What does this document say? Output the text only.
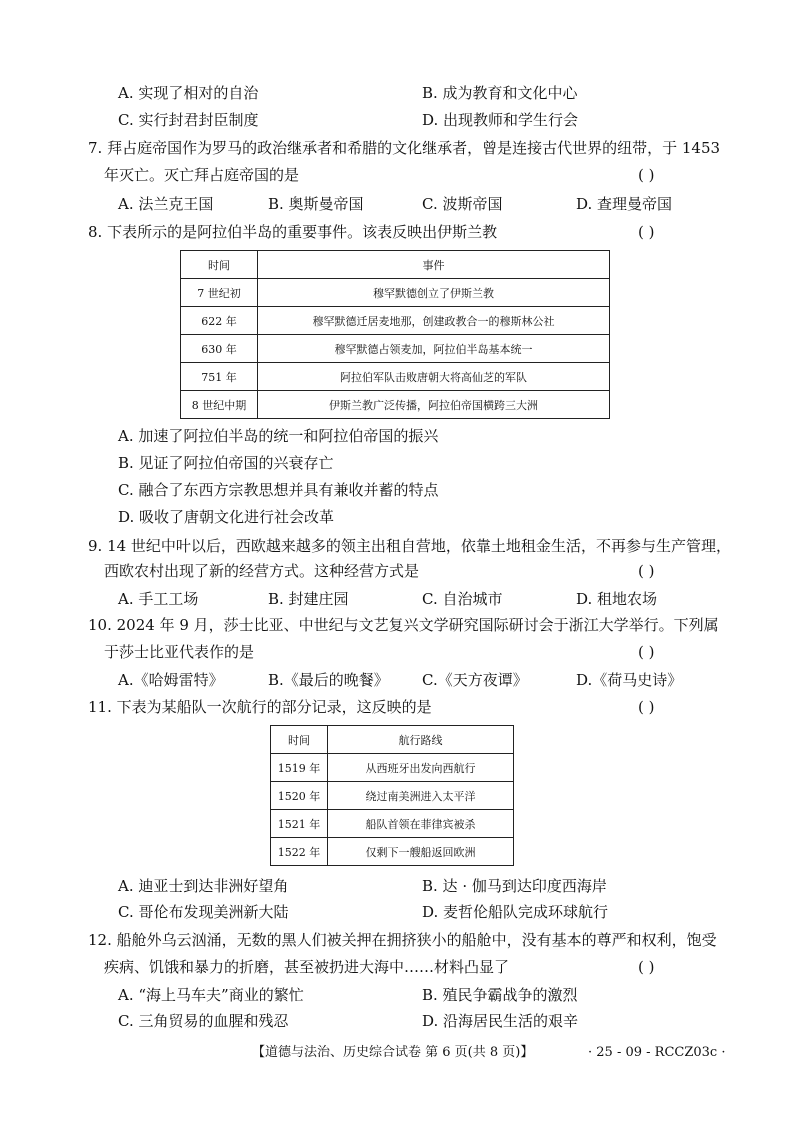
A. 实现了相对的自治	B. 成为教育和文化中心
C. 实行封君封臣制度	D. 出现教师和学生行会
7. 拜占庭帝国作为罗马的政治继承者和希腊的文化继承者，曾是连接古代世界的纽带，于 1453
年灭亡。灭亡拜占庭帝国的是	( )
A. 法兰克王国	B. 奥斯曼帝国	C. 波斯帝国	D. 查理曼帝国
8. 下表所示的是阿拉伯半岛的重要事件。该表反映出伊斯兰教	( )
时间	事件
7 世纪初	穆罕默德创立了伊斯兰教
622 年	穆罕默德迁居麦地那，创建政教合一的穆斯林公社
630 年	穆罕默德占领麦加，阿拉伯半岛基本统一
751 年	阿拉伯军队击败唐朝大将高仙芝的军队
8 世纪中期	伊斯兰教广泛传播，阿拉伯帝国横跨三大洲
A. 加速了阿拉伯半岛的统一和阿拉伯帝国的振兴
B. 见证了阿拉伯帝国的兴衰存亡
C. 融合了东西方宗教思想并具有兼收并蓄的特点
D. 吸收了唐朝文化进行社会改革
9. 14 世纪中叶以后，西欧越来越多的领主出租自营地，依靠土地租金生活，不再参与生产管理，
西欧农村出现了新的经营方式。这种经营方式是	( )
A. 手工工场	B. 封建庄园	C. 自治城市	D. 租地农场
10. 2024 年 9 月，莎士比亚、中世纪与文艺复兴文学研究国际研讨会于浙江大学举行。下列属
于莎士比亚代表作的是	( )
A.《哈姆雷特》	B.《最后的晚餐》 C.《天方夜谭》	D.《荷马史诗》
11. 下表为某船队一次航行的部分记录，这反映的是	( )
时间	航行路线
1519 年	从西班牙出发向西航行
1520 年	绕过南美洲进入太平洋
1521 年	船队首领在菲律宾被杀
1522 年	仅剩下一艘船返回欧洲
A. 迪亚士到达非洲好望角	B. 达 · 伽马到达印度西海岸
C. 哥伦布发现美洲新大陆	D. 麦哲伦船队完成环球航行
12. 船舱外乌云汹涌，无数的黑人们被关押在拥挤狭小的船舱中，没有基本的尊严和权利，饱受
疾病、饥饿和暴力的折磨，甚至被扔进大海中……材料凸显了	( )
A. “海上马车夫”商业的繁忙	B. 殖民争霸战争的激烈
C. 三角贸易的血腥和残忍	D. 沿海居民生活的艰辛
【道德与法治、历史综合试卷 第 6 页(共 8 页)】	· 25 - 09 - RCCZ03c ·
